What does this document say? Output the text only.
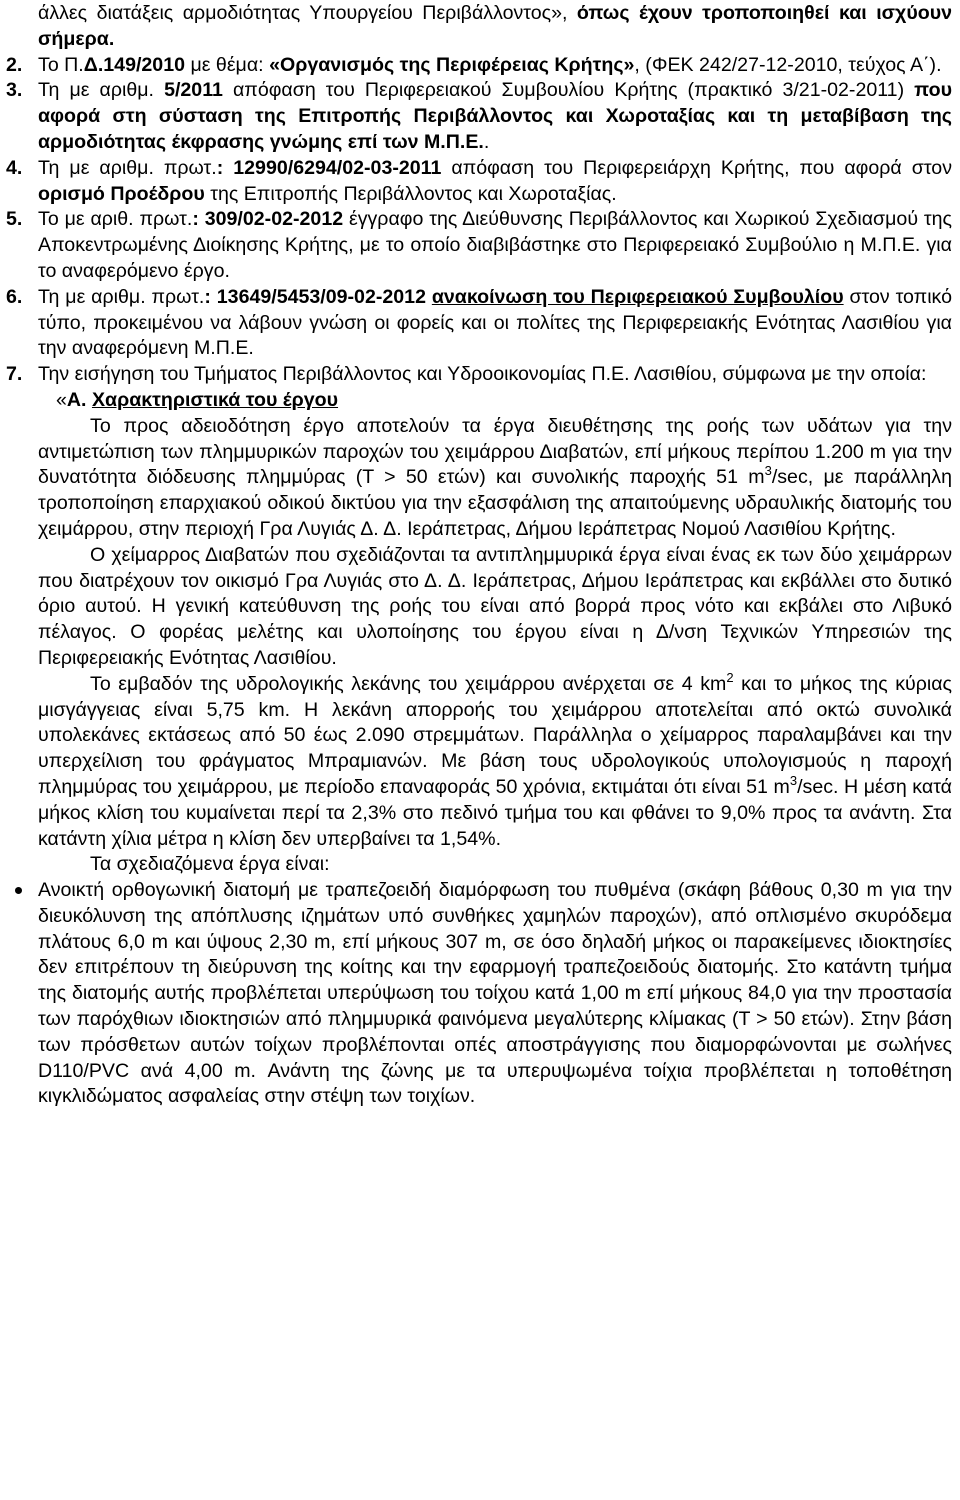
άλλες διατάξεις αρμοδιότητας Υπουργείου Περιβάλλοντος», όπως έχουν τροποποιηθεί και ισχύουν σήμερα.

2. Το Π.Δ.149/2010 με θέμα: «Οργανισμός της Περιφέρειας Κρήτης», (ΦΕΚ 242/27-12-2010, τεύχος Α΄).

3. Τη με αριθμ. 5/2011 απόφαση του Περιφερειακού Συμβουλίου Κρήτης (πρακτικό 3/21-02-2011) που αφορά στη σύσταση της Επιτροπής Περιβάλλοντος και Χωροταξίας και τη μεταβίβαση της αρμοδιότητας έκφρασης γνώμης επί των Μ.Π.Ε..

4. Τη με αριθμ. πρωτ.: 12990/6294/02-03-2011 απόφαση του Περιφερειάρχη Κρήτης, που αφορά στον ορισμό Προέδρου της Επιτροπής Περιβάλλοντος και Χωροταξίας.

5. Το με αριθ. πρωτ.: 309/02-02-2012 έγγραφο της Διεύθυνσης Περιβάλλοντος και Χωρικού Σχεδιασμού της Αποκεντρωμένης Διοίκησης Κρήτης, με το οποίο διαβιβάστηκε στο Περιφερειακό Συμβούλιο η Μ.Π.Ε. για το αναφερόμενο έργο.

6. Τη με αριθμ. πρωτ.: 13649/5453/09-02-2012 ανακοίνωση του Περιφερειακού Συμβουλίου στον τοπικό τύπο, προκειμένου να λάβουν γνώση οι φορείς και οι πολίτες της Περιφερειακής Ενότητας Λασιθίου για την αναφερόμενη Μ.Π.Ε.

7. Την εισήγηση του Τμήματος Περιβάλλοντος και Υδροοικονομίας Π.Ε. Λασιθίου, σύμφωνα με την οποία:

«Α. Χαρακτηριστικά του έργου

Το προς αδειοδότηση έργο αποτελούν τα έργα διευθέτησης της ροής των υδάτων για την αντιμετώπιση των πλημμυρικών παροχών του χειμάρρου Διαβατών, επί μήκους περίπου 1.200 m για την δυνατότητα διόδευσης πλημμύρας (Τ > 50 ετών) και συνολικής παροχής 51 $m^3/\sec$, με παράλληλη τροποποίηση επαρχιακού οδικού δικτύου για την εξασφάλιση της απαιτούμενης υδραυλικής διατομής του χειμάρρου, στην περιοχή Γρα Λυγιάς Δ. Δ. Ιεράπετρας, Δήμου Ιεράπετρας Νομού Λασιθίου Κρήτης.

Ο χείμαρρος Διαβατών που σχεδιάζονται τα αντιπλημμυρικά έργα είναι ένας εκ των δύο χειμάρρων που διατρέχουν τον οικισμό Γρα Λυγιάς στο Δ. Δ. Ιεράπετρας, Δήμου Ιεράπετρας και εκβάλλει στο δυτικό όριο αυτού. Η γενική κατεύθυνση της ροής του είναι από βορρά προς νότο και εκβάλει στο Λιβυκό πέλαγος. Ο φορέας μελέτης και υλοποίησης του έργου είναι η Δ/νση Τεχνικών Υπηρεσιών της Περιφερειακής Ενότητας Λασιθίου.

Το εμβαδόν της υδρολογικής λεκάνης του χειμάρρου ανέρχεται σε 4 $km^2$ και το μήκος της κύριας μισγάγγειας είναι 5,75 km. Η λεκάνη απορροής του χειμάρρου αποτελείται από οκτώ συνολικά υπολεκάνες εκτάσεως από 50 έως 2.090 στρεμμάτων. Παράλληλα ο χείμαρρος παραλαμβάνει και την υπερχείλιση του φράγματος Μπραμιανών. Με βάση τους υδρολογικούς υπολογισμούς η παροχή πλημμύρας του χειμάρρου, με περίοδο επαναφοράς 50 χρόνια, εκτιμάται ότι είναι 51 $m^3/\sec$. Η μέση κατά μήκος κλίση του κυμαίνεται περί τα 2,3% στο πεδινό τμήμα του και φθάνει το 9,0% προς τα ανάντη. Στα κατάντη χίλια μέτρα η κλίση δεν υπερβαίνει τα 1,54%.

Τα σχεδιαζόμενα έργα είναι:

Ανοικτή ορθογωνική διατομή με τραπεζοειδή διαμόρφωση του πυθμένα (σκάφη βάθους 0,30 m για την διευκόλυνση της απόπλυσης ιζημάτων υπό συνθήκες χαμηλών παροχών), από οπλισμένο σκυρόδεμα πλάτους 6,0 m και ύψους 2,30 m, επί μήκους 307 m, σε όσο δηλαδή μήκος οι παρακείμενες ιδιοκτησίες δεν επιτρέπουν τη διεύρυνση της κοίτης και την εφαρμογή τραπεζοειδούς διατομής. Στο κατάντη τμήμα της διατομής αυτής προβλέπεται υπερύψωση του τοίχου κατά 1,00 m επί μήκους 84,0 για την προστασία των παρόχθιων ιδιοκτησιών από πλημμυρικά φαινόμενα μεγαλύτερης κλίμακας (Τ > 50 ετών). Στην βάση των πρόσθετων αυτών τοίχων προβλέπονται οπές αποστράγγισης που διαμορφώνονται με σωλήνες D110/PVC ανά 4,00 m. Ανάντη της ζώνης με τα υπερυψωμένα τοίχια προβλέπεται η τοποθέτηση κιγκλιδώματος ασφαλείας στην στέψη των τοιχίων.
